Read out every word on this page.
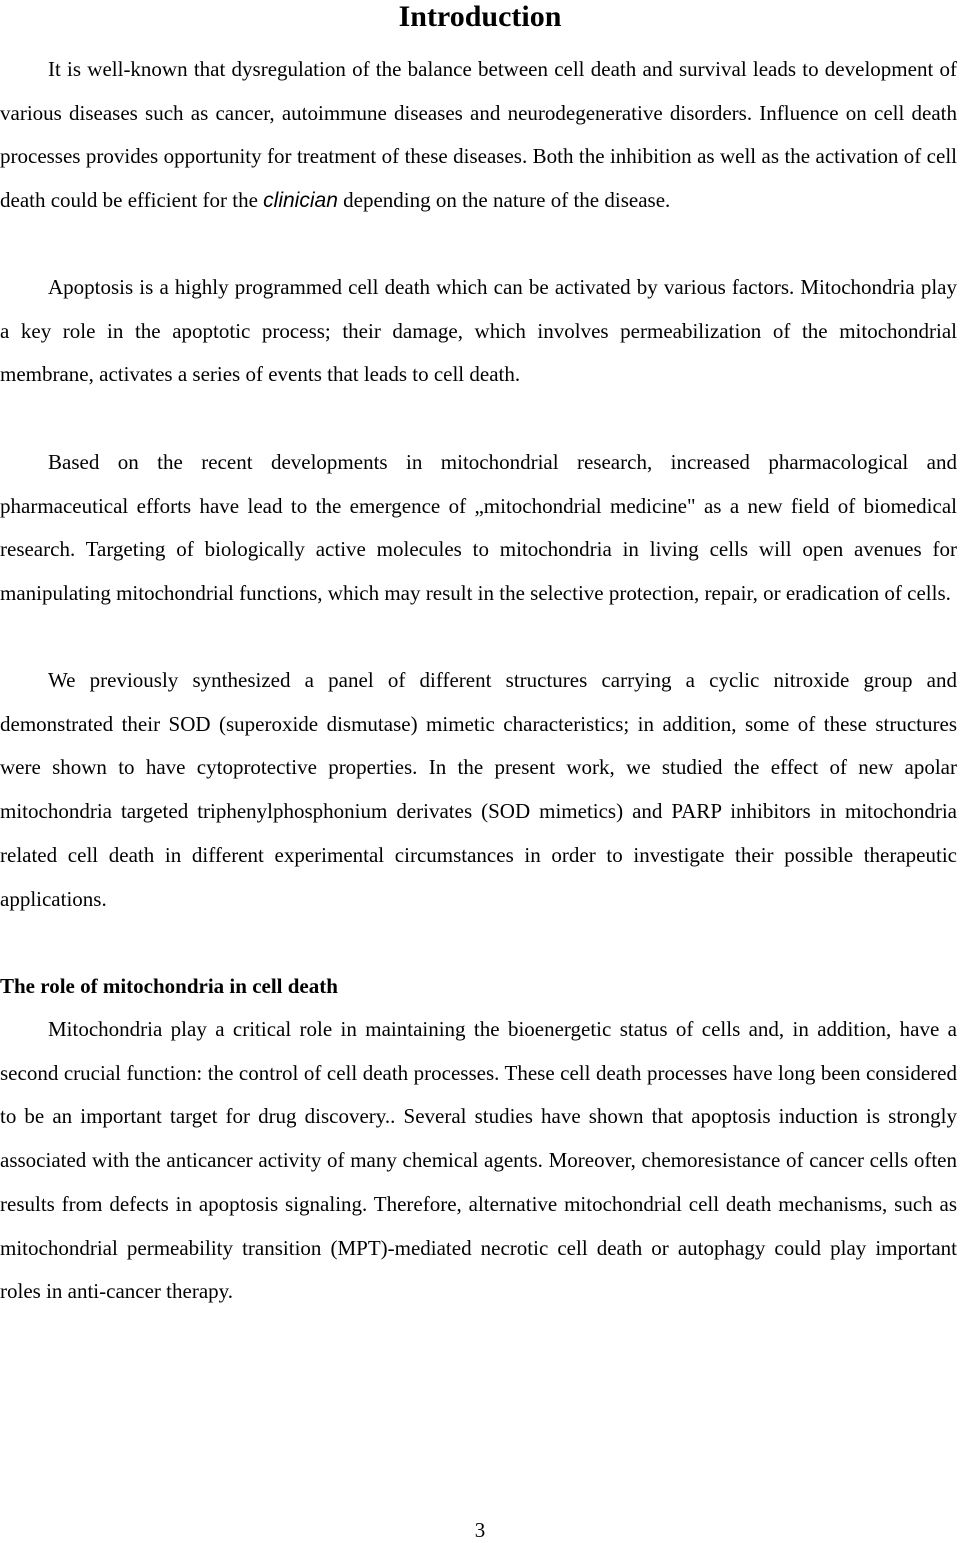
Introduction

It is well-known that dysregulation of the balance between cell death and survival leads to development of various diseases such as cancer, autoimmune diseases and neurodegenerative disorders. Influence on cell death processes provides opportunity for treatment of these diseases. Both the inhibition as well as the activation of cell death could be efficient for the clinician depending on the nature of the disease.

Apoptosis is a highly programmed cell death which can be activated by various factors. Mitochondria play a key role in the apoptotic process; their damage, which involves permeabilization of the mitochondrial membrane, activates a series of events that leads to cell death.

Based on the recent developments in mitochondrial research, increased pharmacological and pharmaceutical efforts have lead to the emergence of „mitochondrial medicine" as a new field of biomedical research. Targeting of biologically active molecules to mitochondria in living cells will open avenues for manipulating mitochondrial functions, which may result in the selective protection, repair, or eradication of cells.

We previously synthesized a panel of different structures carrying a cyclic nitroxide group and demonstrated their SOD (superoxide dismutase) mimetic characteristics; in addition, some of these structures were shown to have cytoprotective properties. In the present work, we studied the effect of new apolar mitochondria targeted triphenylphosphonium derivates (SOD mimetics) and PARP inhibitors in mitochondria related cell death in different experimental circumstances in order to investigate their possible therapeutic applications.

The role of mitochondria in cell death

Mitochondria play a critical role in maintaining the bioenergetic status of cells and, in addition, have a second crucial function: the control of cell death processes. These cell death processes have long been considered to be an important target for drug discovery.. Several studies have shown that apoptosis induction is strongly associated with the anticancer activity of many chemical agents. Moreover, chemoresistance of cancer cells often results from defects in apoptosis signaling. Therefore, alternative mitochondrial cell death mechanisms, such as mitochondrial permeability transition (MPT)-mediated necrotic cell death or autophagy could play important roles in anti-cancer therapy.

3
